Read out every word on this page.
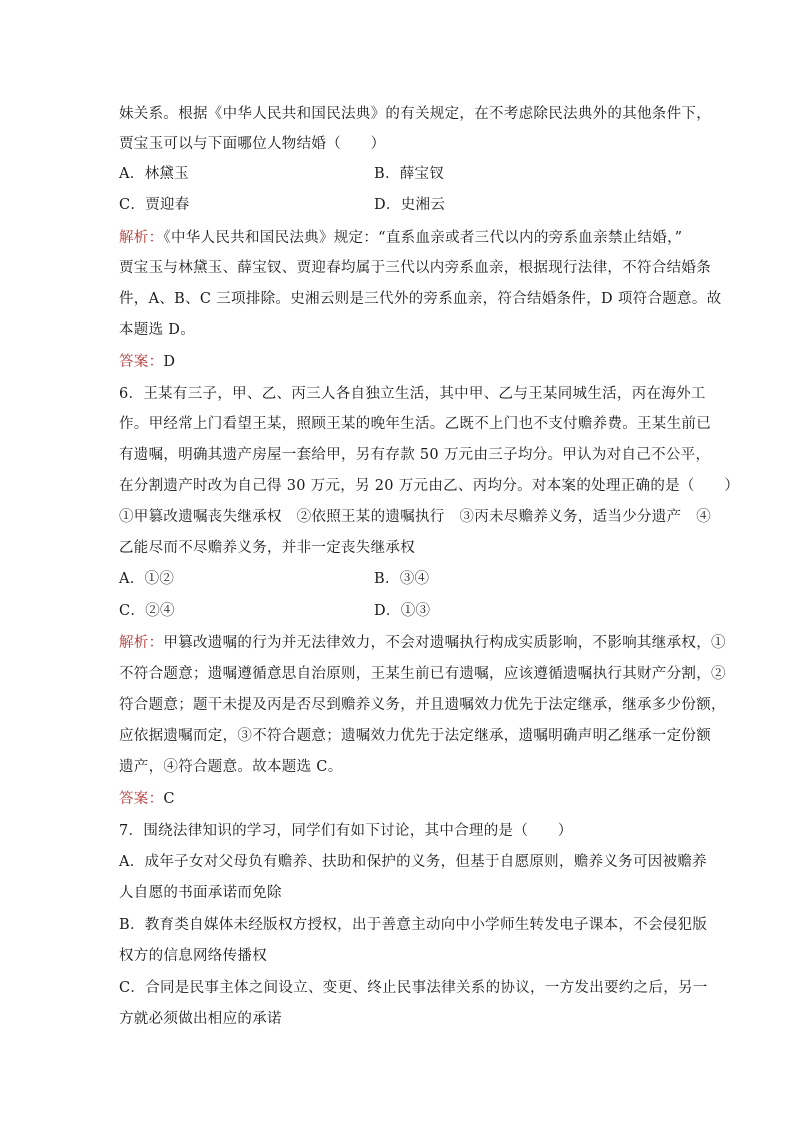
妹关系。根据《中华人民共和国民法典》的有关规定，在不考虑除民法典外的其他条件下，
贾宝玉可以与下面哪位人物结婚（　　）
A．林黛玉	B．薛宝钗
C．贾迎春	D．史湘云
解析：《中华人民共和国民法典》规定：“直系血亲或者三代以内的旁系血亲禁止结婚，”
贾宝玉与林黛玉、薛宝钗、贾迎春均属于三代以内旁系血亲，根据现行法律，不符合结婚条
件，A、B、C 三项排除。史湘云则是三代外的旁系血亲，符合结婚条件，D 项符合题意。故
本题选 D。
答案：D
6．王某有三子，甲、乙、丙三人各自独立生活，其中甲、乙与王某同城生活，丙在海外工
作。甲经常上门看望王某，照顾王某的晚年生活。乙既不上门也不支付赡养费。王某生前已
有遗嘱，明确其遗产房屋一套给甲，另有存款 50 万元由三子均分。甲认为对自己不公平，
在分割遗产时改为自己得 30 万元，另 20 万元由乙、丙均分。对本案的处理正确的是（　　）
①甲篡改遗嘱丧失继承权　②依照王某的遗嘱执行　③丙未尽赡养义务，适当少分遗产　④
乙能尽而不尽赡养义务，并非一定丧失继承权
A．①②	B．③④
C．②④	D．①③
解析：甲篡改遗嘱的行为并无法律效力，不会对遗嘱执行构成实质影响，不影响其继承权，①
不符合题意；遗嘱遵循意思自治原则，王某生前已有遗嘱，应该遵循遗嘱执行其财产分割，②
符合题意；题干未提及丙是否尽到赡养义务，并且遗嘱效力优先于法定继承，继承多少份额，
应依据遗嘱而定，③不符合题意；遗嘱效力优先于法定继承，遗嘱明确声明乙继承一定份额
遗产，④符合题意。故本题选 C。
答案：C
7．围绕法律知识的学习，同学们有如下讨论，其中合理的是（　　）
A．成年子女对父母负有赡养、扶助和保护的义务，但基于自愿原则，赡养义务可因被赡养
人自愿的书面承诺而免除
B．教育类自媒体未经版权方授权，出于善意主动向中小学师生转发电子课本，不会侵犯版
权方的信息网络传播权
C．合同是民事主体之间设立、变更、终止民事法律关系的协议，一方发出要约之后，另一
方就必须做出相应的承诺
